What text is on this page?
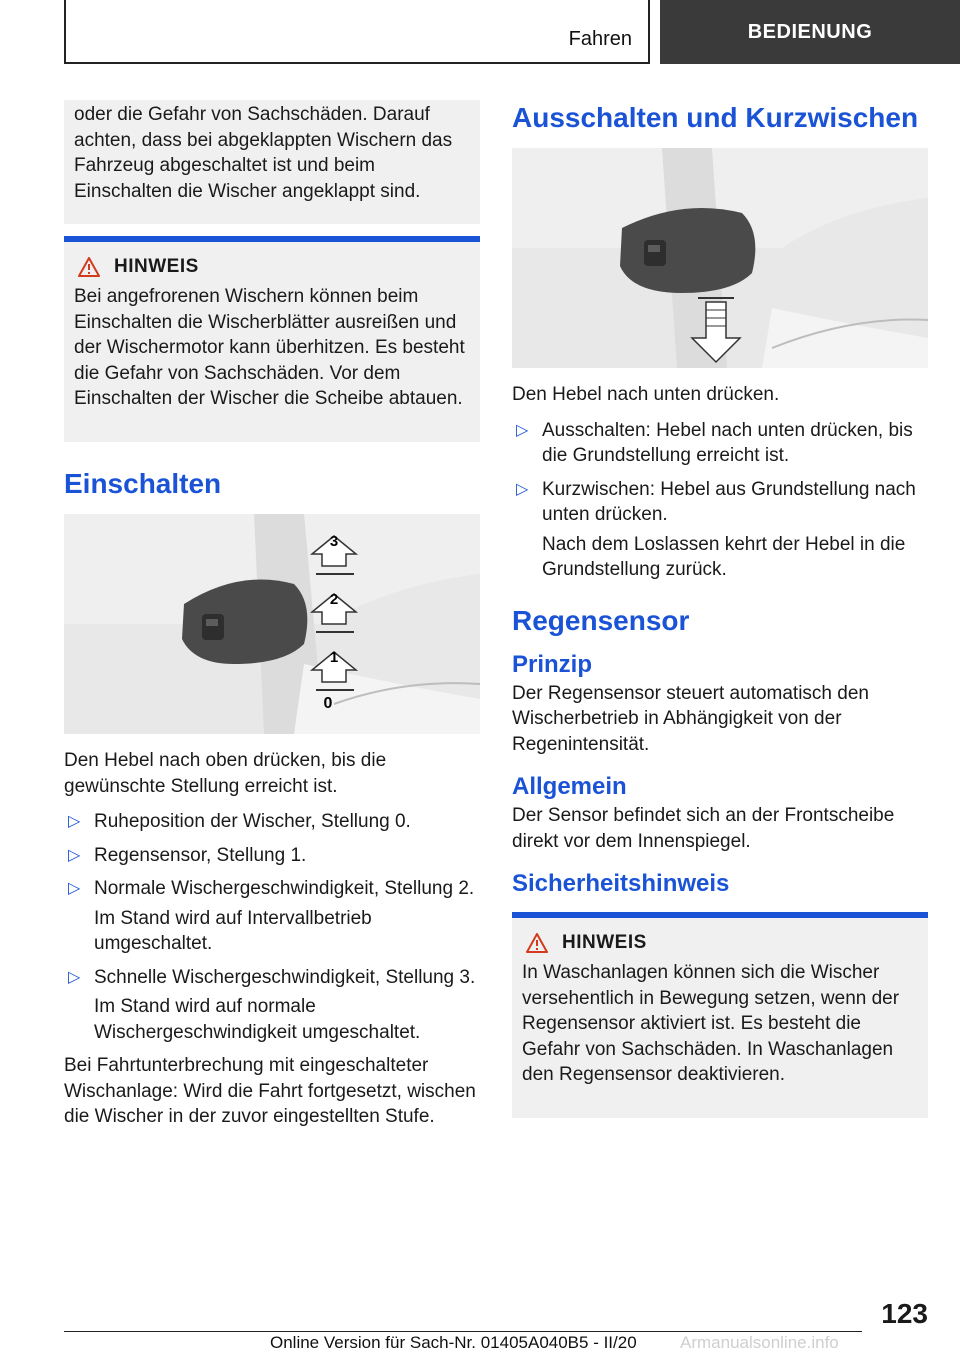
Fahren	BEDIENUNG

oder die Gefahr von Sachschäden. Darauf achten, dass bei abgeklappten Wischern das Fahrzeug abgeschaltet ist und beim Einschalten die Wischer angeklappt sind.

HINWEIS

Bei angefrorenen Wischern können beim Einschalten die Wischerblätter ausreißen und der Wischermotor kann überhitzen. Es besteht die Gefahr von Sachschäden. Vor dem Einschalten der Wischer die Scheibe abtauen.

Einschalten
3
2
1
0

Den Hebel nach oben drücken, bis die gewünschte Stellung erreicht ist.

▷ Ruheposition der Wischer, Stellung 0.
▷ Regensensor, Stellung 1.
▷ Normale Wischergeschwindigkeit, Stellung 2.

Im Stand wird auf Intervallbetrieb umgeschaltet.

▷ Schnelle Wischergeschwindigkeit, Stellung 3.

Im Stand wird auf normale Wischergeschwindigkeit umgeschaltet.

Bei Fahrtunterbrechung mit eingeschalteter Wischanlage: Wird die Fahrt fortgesetzt, wischen die Wischer in der zuvor eingestellten Stufe.

Ausschalten und Kurzwischen

Den Hebel nach unten drücken.

▷ Ausschalten: Hebel nach unten drücken, bis die Grundstellung erreicht ist.
▷ Kurzwischen: Hebel aus Grundstellung nach unten drücken.

Nach dem Loslassen kehrt der Hebel in die Grundstellung zurück.

Regensensor
Prinzip

Der Regensensor steuert automatisch den Wischerbetrieb in Abhängigkeit von der Regenintensität.

Allgemein

Der Sensor befindet sich an der Frontscheibe direkt vor dem Innenspiegel.

Sicherheitshinweis
HINWEIS

In Waschanlagen können sich die Wischer versehentlich in Bewegung setzen, wenn der Regensensor aktiviert ist. Es besteht die Gefahr von Sachschäden. In Waschanlagen den Regensensor deaktivieren.

123
Online Version für Sach-Nr. 01405A040B5 - II/20	Armanualsonline.info
